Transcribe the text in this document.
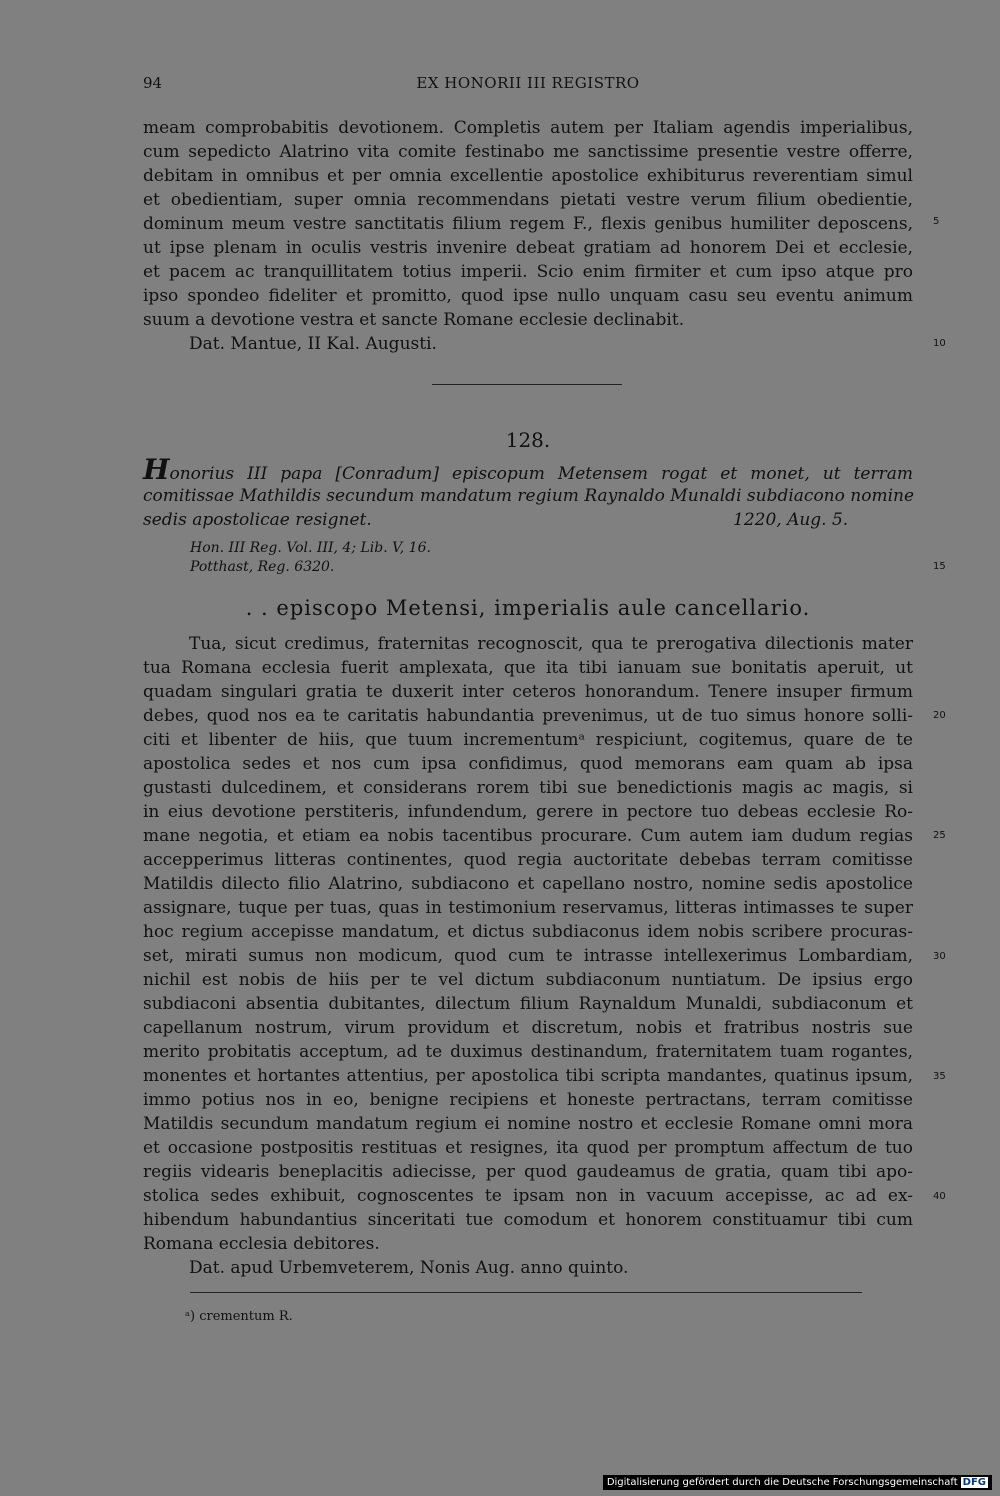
94	EX HONORII III REGISTRO
meam comprobabitis devotionem. Completis autem per Italiam agendis imperialibus,
cum sepedicto Alatrino vita comite festinabo me sanctissime presentie vestre offerre,
debitam in omnibus et per omnia excellentie apostolice exhibiturus reverentiam simul
et obedientiam, super omnia recommendans pietati vestre verum filium obedientie,
dominum meum vestre sanctitatis filium regem F., flexis genibus humiliter deposcens,
ut ipse plenam in oculis vestris invenire debeat gratiam ad honorem Dei et ecclesie,
et pacem ac tranquillitatem totius imperii. Scio enim firmiter et cum ipso atque pro
ipso spondeo fideliter et promitto, quod ipse nullo unquam casu seu eventu animum
suum a devotione vestra et sancte Romane ecclesie declinabit.
Dat. Mantue, II Kal. Augusti.
5
10
128.
Honorius III papa [Conradum] episcopum Metensem rogat et monet, ut terram
comitissae Mathildis secundum mandatum regium Raynaldo Munaldi subdiacono nomine
sedis apostolicae resignet.	1220, Aug. 5.
Hon. III Reg. Vol. III, 4; Lib. V, 16.
Potthast, Reg. 6320.	15
. . episcopo Metensi, imperialis aule cancellario.
Tua, sicut credimus, fraternitas recognoscit, qua te prerogativa dilectionis mater
tua Romana ecclesia fuerit amplexata, que ita tibi ianuam sue bonitatis aperuit, ut
quadam singulari gratia te duxerit inter ceteros honorandum. Tenere insuper firmum
debes, quod nos ea te caritatis habundantia prevenimus, ut de tuo simus honore solli-
citi et libenter de hiis, que tuum incrementumᵃ respiciunt, cogitemus, quare de te
apostolica sedes et nos cum ipsa confidimus, quod memorans eam quam ab ipsa
gustasti dulcedinem, et considerans rorem tibi sue benedictionis magis ac magis, si
in eius devotione perstiteris, infundendum, gerere in pectore tuo debeas ecclesie Ro-
mane negotia, et etiam ea nobis tacentibus procurare. Cum autem iam dudum regias
accepperimus litteras continentes, quod regia auctoritate debebas terram comitisse
Matildis dilecto filio Alatrino, subdiacono et capellano nostro, nomine sedis apostolice
assignare, tuque per tuas, quas in testimonium reservamus, litteras intimasses te super
hoc regium accepisse mandatum, et dictus subdiaconus idem nobis scribere procuras-
set, mirati sumus non modicum, quod cum te intrasse intellexerimus Lombardiam,
nichil est nobis de hiis per te vel dictum subdiaconum nuntiatum. De ipsius ergo
subdiaconi absentia dubitantes, dilectum filium Raynaldum Munaldi, subdiaconum et
capellanum nostrum, virum providum et discretum, nobis et fratribus nostris sue
merito probitatis acceptum, ad te duximus destinandum, fraternitatem tuam rogantes,
monentes et hortantes attentius, per apostolica tibi scripta mandantes, quatinus ipsum,
immo potius nos in eo, benigne recipiens et honeste pertractans, terram comitisse
Matildis secundum mandatum regium ei nomine nostro et ecclesie Romane omni mora
et occasione postpositis restituas et resignes, ita quod per promptum affectum de tuo
regiis videaris beneplacitis adiecisse, per quod gaudeamus de gratia, quam tibi apo-
stolica sedes exhibuit, cognoscentes te ipsam non in vacuum accepisse, ac ad ex-
hibendum habundantius sinceritati tue comodum et honorem constituamur tibi cum
Romana ecclesia debitores.
Dat. apud Urbemveterem, Nonis Aug. anno quinto.
20
25
30
35
40
ᵃ) crementum R.
Digitalisierung gefördert durch die Deutsche Forschungsgemeinschaft DFG
